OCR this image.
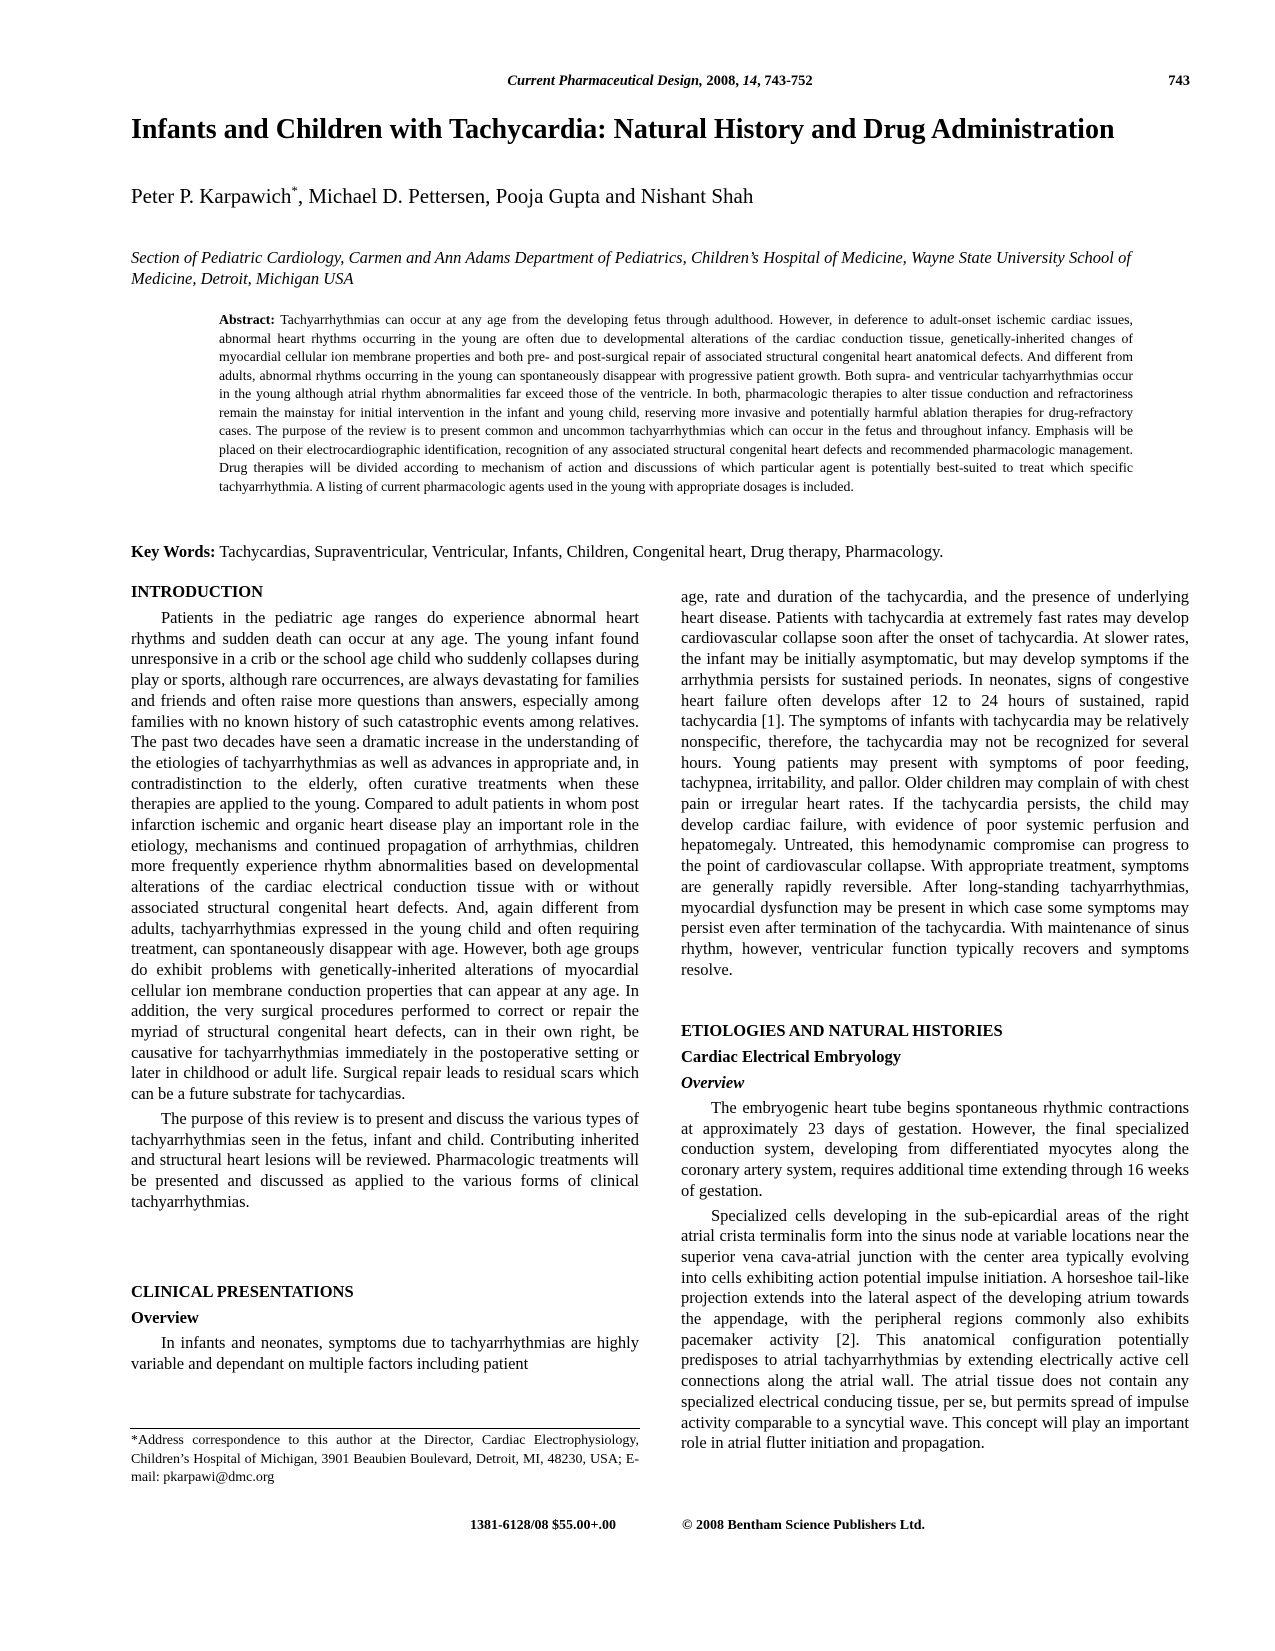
Current Pharmaceutical Design, 2008, 14, 743-752	743
Infants and Children with Tachycardia: Natural History and Drug Administration
Peter P. Karpawich*, Michael D. Pettersen, Pooja Gupta and Nishant Shah
Section of Pediatric Cardiology, Carmen and Ann Adams Department of Pediatrics, Children’s Hospital of Medicine, Wayne State University School of Medicine, Detroit, Michigan USA
Abstract: Tachyarrhythmias can occur at any age from the developing fetus through adulthood. However, in deference to adult-onset ischemic cardiac issues, abnormal heart rhythms occurring in the young are often due to developmental alterations of the cardiac conduction tissue, genetically-inherited changes of myocardial cellular ion membrane properties and both pre- and post-surgical repair of associated structural congenital heart anatomical defects. And different from adults, abnormal rhythms occurring in the young can spontaneously disappear with progressive patient growth. Both supra- and ventricular tachyarrhythmias occur in the young although atrial rhythm abnormalities far exceed those of the ventricle. In both, pharmacologic therapies to alter tissue conduction and refractoriness remain the mainstay for initial intervention in the infant and young child, reserving more invasive and potentially harmful ablation therapies for drug-refractory cases. The purpose of the review is to present common and uncommon tachyarrhythmias which can occur in the fetus and throughout infancy. Emphasis will be placed on their electrocardiographic identification, recognition of any associated structural congenital heart defects and recommended pharmacologic management. Drug therapies will be divided according to mechanism of action and discussions of which particular agent is potentially best-suited to treat which specific tachyarrhythmia. A listing of current pharmacologic agents used in the young with appropriate dosages is included.
Key Words: Tachycardias, Supraventricular, Ventricular, Infants, Children, Congenital heart, Drug therapy, Pharmacology.
INTRODUCTION

Patients in the pediatric age ranges do experience abnormal heart rhythms and sudden death can occur at any age. The young infant found unresponsive in a crib or the school age child who suddenly collapses during play or sports, although rare occurrences, are always devastating for families and friends and often raise more questions than answers, especially among families with no known history of such catastrophic events among relatives. The past two decades have seen a dramatic increase in the understanding of the etiologies of tachyarrhythmias as well as advances in appropriate and, in contradistinction to the elderly, often curative treatments when these therapies are applied to the young. Compared to adult patients in whom post infarction ischemic and organic heart disease play an important role in the etiology, mechanisms and continued propagation of arrhythmias, children more frequently experience rhythm abnormalities based on developmental alterations of the cardiac electrical conduction tissue with or without associated structural congenital heart defects. And, again different from adults, tachyarrhythmias expressed in the young child and often requiring treatment, can spontaneously disappear with age. However, both age groups do exhibit problems with genetically-inherited alterations of myocardial cellular ion membrane conduction properties that can appear at any age. In addition, the very surgical procedures performed to correct or repair the myriad of structural congenital heart defects, can in their own right, be causative for tachyarrhythmias immediately in the postoperative setting or later in childhood or adult life. Surgical repair leads to residual scars which can be a future substrate for tachycardias.

The purpose of this review is to present and discuss the various types of tachyarrhythmias seen in the fetus, infant and child. Contributing inherited and structural heart lesions will be reviewed. Pharmacologic treatments will be presented and discussed as applied to the various forms of clinical tachyarrhythmias.

CLINICAL PRESENTATIONS
Overview

In infants and neonates, symptoms due to tachyarrhythmias are highly variable and dependant on multiple factors including patient

*Address correspondence to this author at the Director, Cardiac Electrophysiology, Children’s Hospital of Michigan, 3901 Beaubien Boulevard, Detroit, MI, 48230, USA; E-mail: pkarpawi@dmc.org

age, rate and duration of the tachycardia, and the presence of underlying heart disease. Patients with tachycardia at extremely fast rates may develop cardiovascular collapse soon after the onset of tachycardia. At slower rates, the infant may be initially asymptomatic, but may develop symptoms if the arrhythmia persists for sustained periods. In neonates, signs of congestive heart failure often develops after 12 to 24 hours of sustained, rapid tachycardia [1]. The symptoms of infants with tachycardia may be relatively nonspecific, therefore, the tachycardia may not be recognized for several hours. Young patients may present with symptoms of poor feeding, tachypnea, irritability, and pallor. Older children may complain of with chest pain or irregular heart rates. If the tachycardia persists, the child may develop cardiac failure, with evidence of poor systemic perfusion and hepatomegaly. Untreated, this hemodynamic compromise can progress to the point of cardiovascular collapse. With appropriate treatment, symptoms are generally rapidly reversible. After long-standing tachyarrhythmias, myocardial dysfunction may be present in which case some symptoms may persist even after termination of the tachycardia. With maintenance of sinus rhythm, however, ventricular function typically recovers and symptoms resolve.

ETIOLOGIES AND NATURAL HISTORIES
Cardiac Electrical Embryology
Overview

The embryogenic heart tube begins spontaneous rhythmic contractions at approximately 23 days of gestation. However, the final specialized conduction system, developing from differentiated myocytes along the coronary artery system, requires additional time extending through 16 weeks of gestation.

Specialized cells developing in the sub-epicardial areas of the right atrial crista terminalis form into the sinus node at variable locations near the superior vena cava-atrial junction with the center area typically evolving into cells exhibiting action potential impulse initiation. A horseshoe tail-like projection extends into the lateral aspect of the developing atrium towards the appendage, with the peripheral regions commonly also exhibits pacemaker activity [2]. This anatomical configuration potentially predisposes to atrial tachyarrhythmias by extending electrically active cell connections along the atrial wall. The atrial tissue does not contain any specialized electrical conducing tissue, per se, but permits spread of impulse activity comparable to a syncytial wave. This concept will play an important role in atrial flutter initiation and propagation.

1381-6128/08 $55.00+.00	© 2008 Bentham Science Publishers Ltd.
